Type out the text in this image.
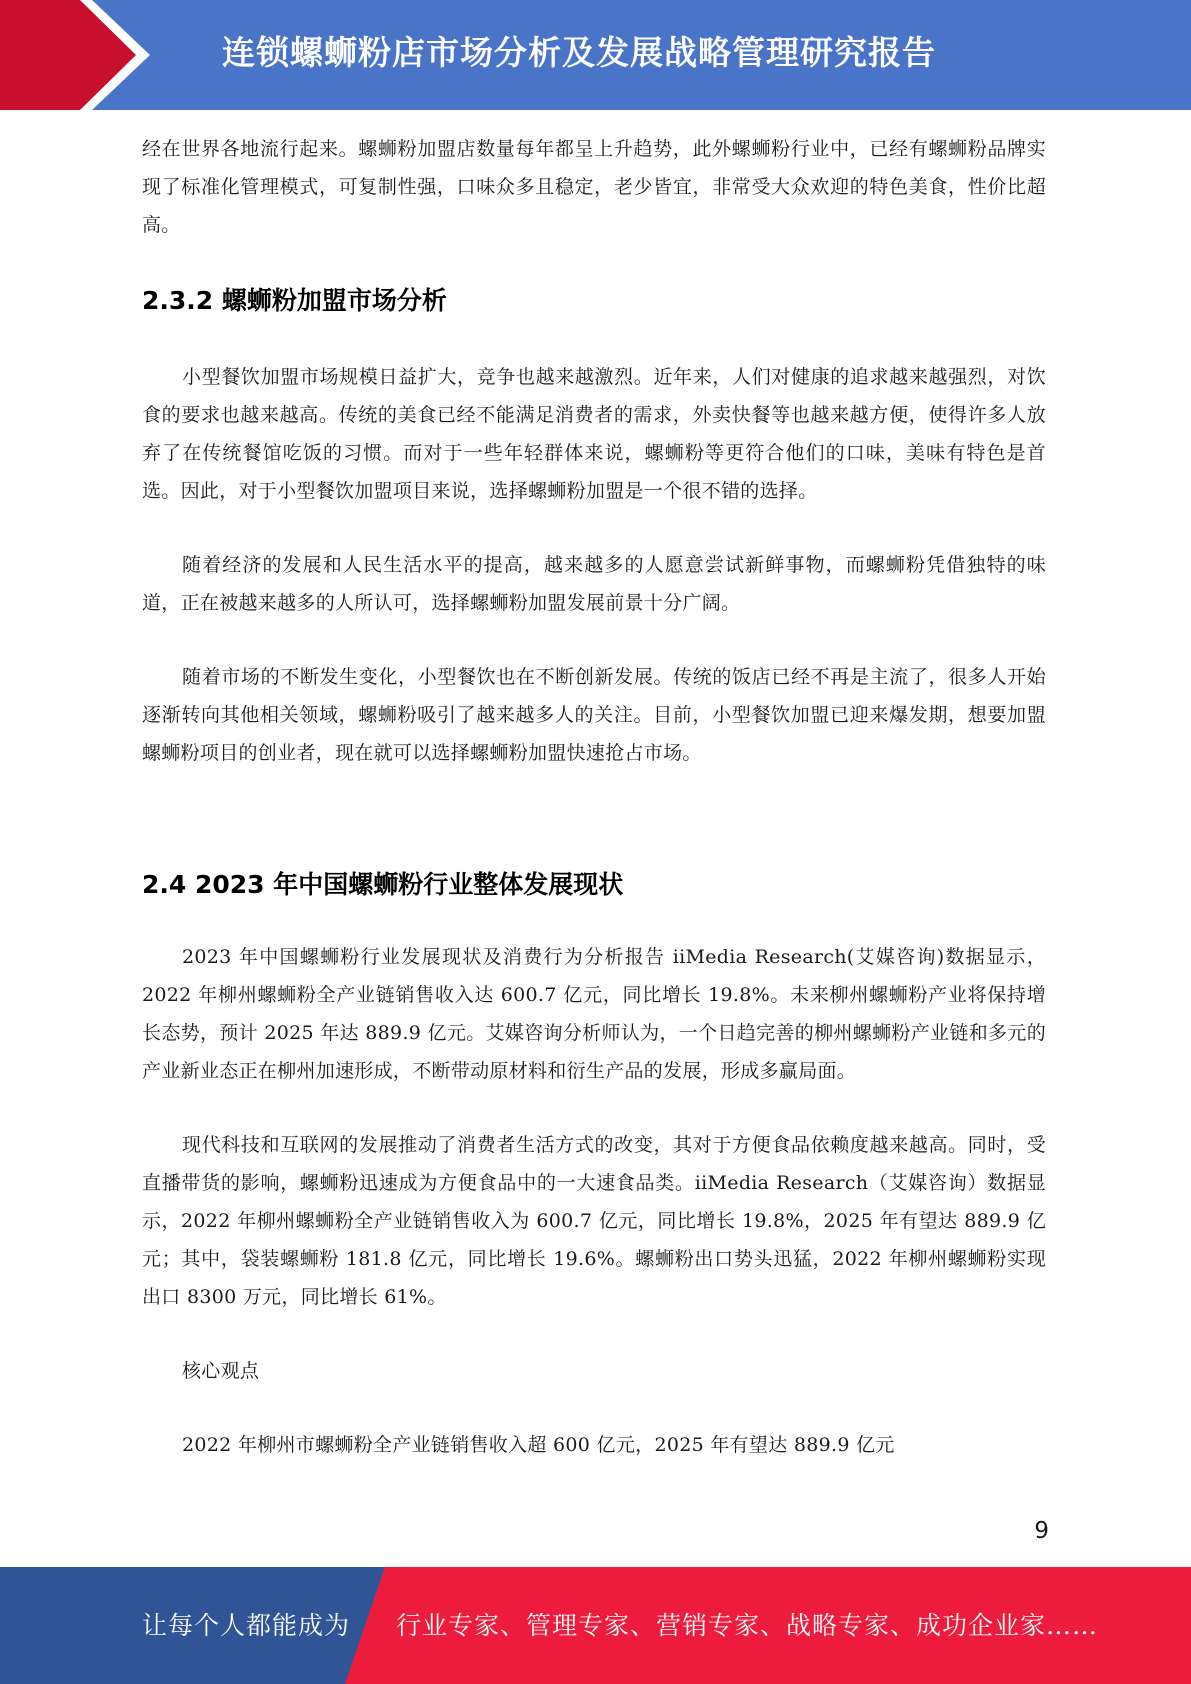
连锁螺蛳粉店市场分析及发展战略管理研究报告

经在世界各地流行起来。螺蛳粉加盟店数量每年都呈上升趋势，此外螺蛳粉行业中，已经有螺蛳粉品牌实现了标准化管理模式，可复制性强，口味众多且稳定，老少皆宜，非常受大众欢迎的特色美食，性价比超高。

2.3.2 螺蛳粉加盟市场分析

小型餐饮加盟市场规模日益扩大，竞争也越来越激烈。近年来，人们对健康的追求越来越强烈，对饮食的要求也越来越高。传统的美食已经不能满足消费者的需求，外卖快餐等也越来越方便，使得许多人放弃了在传统餐馆吃饭的习惯。而对于一些年轻群体来说，螺蛳粉等更符合他们的口味，美味有特色是首选。因此，对于小型餐饮加盟项目来说，选择螺蛳粉加盟是一个很不错的选择。

随着经济的发展和人民生活水平的提高，越来越多的人愿意尝试新鲜事物，而螺蛳粉凭借独特的味道，正在被越来越多的人所认可，选择螺蛳粉加盟发展前景十分广阔。

随着市场的不断发生变化，小型餐饮也在不断创新发展。传统的饭店已经不再是主流了，很多人开始逐渐转向其他相关领域，螺蛳粉吸引了越来越多人的关注。目前，小型餐饮加盟已迎来爆发期，想要加盟螺蛳粉项目的创业者，现在就可以选择螺蛳粉加盟快速抢占市场。

2.4 2023 年中国螺蛳粉行业整体发展现状

2023 年中国螺蛳粉行业发展现状及消费行为分析报告 iiMedia Research(艾媒咨询)数据显示，2022 年柳州螺蛳粉全产业链销售收入达 600.7 亿元，同比增长 19.8%。未来柳州螺蛳粉产业将保持增长态势，预计 2025 年达 889.9 亿元。艾媒咨询分析师认为，一个日趋完善的柳州螺蛳粉产业链和多元的产业新业态正在柳州加速形成，不断带动原材料和衍生产品的发展，形成多赢局面。

现代科技和互联网的发展推动了消费者生活方式的改变，其对于方便食品依赖度越来越高。同时，受直播带货的影响，螺蛳粉迅速成为方便食品中的一大速食品类。iiMedia Research（艾媒咨询）数据显示，2022 年柳州螺蛳粉全产业链销售收入为 600.7 亿元，同比增长 19.8%，2025 年有望达 889.9 亿元；其中，袋装螺蛳粉 181.8 亿元，同比增长 19.6%。螺蛳粉出口势头迅猛，2022 年柳州螺蛳粉实现出口 8300 万元，同比增长 61%。

核心观点

2022 年柳州市螺蛳粉全产业链销售收入超 600 亿元，2025 年有望达 889.9 亿元

9
让每个人都能成为 行业专家、管理专家、营销专家、战略专家、成功企业家……
